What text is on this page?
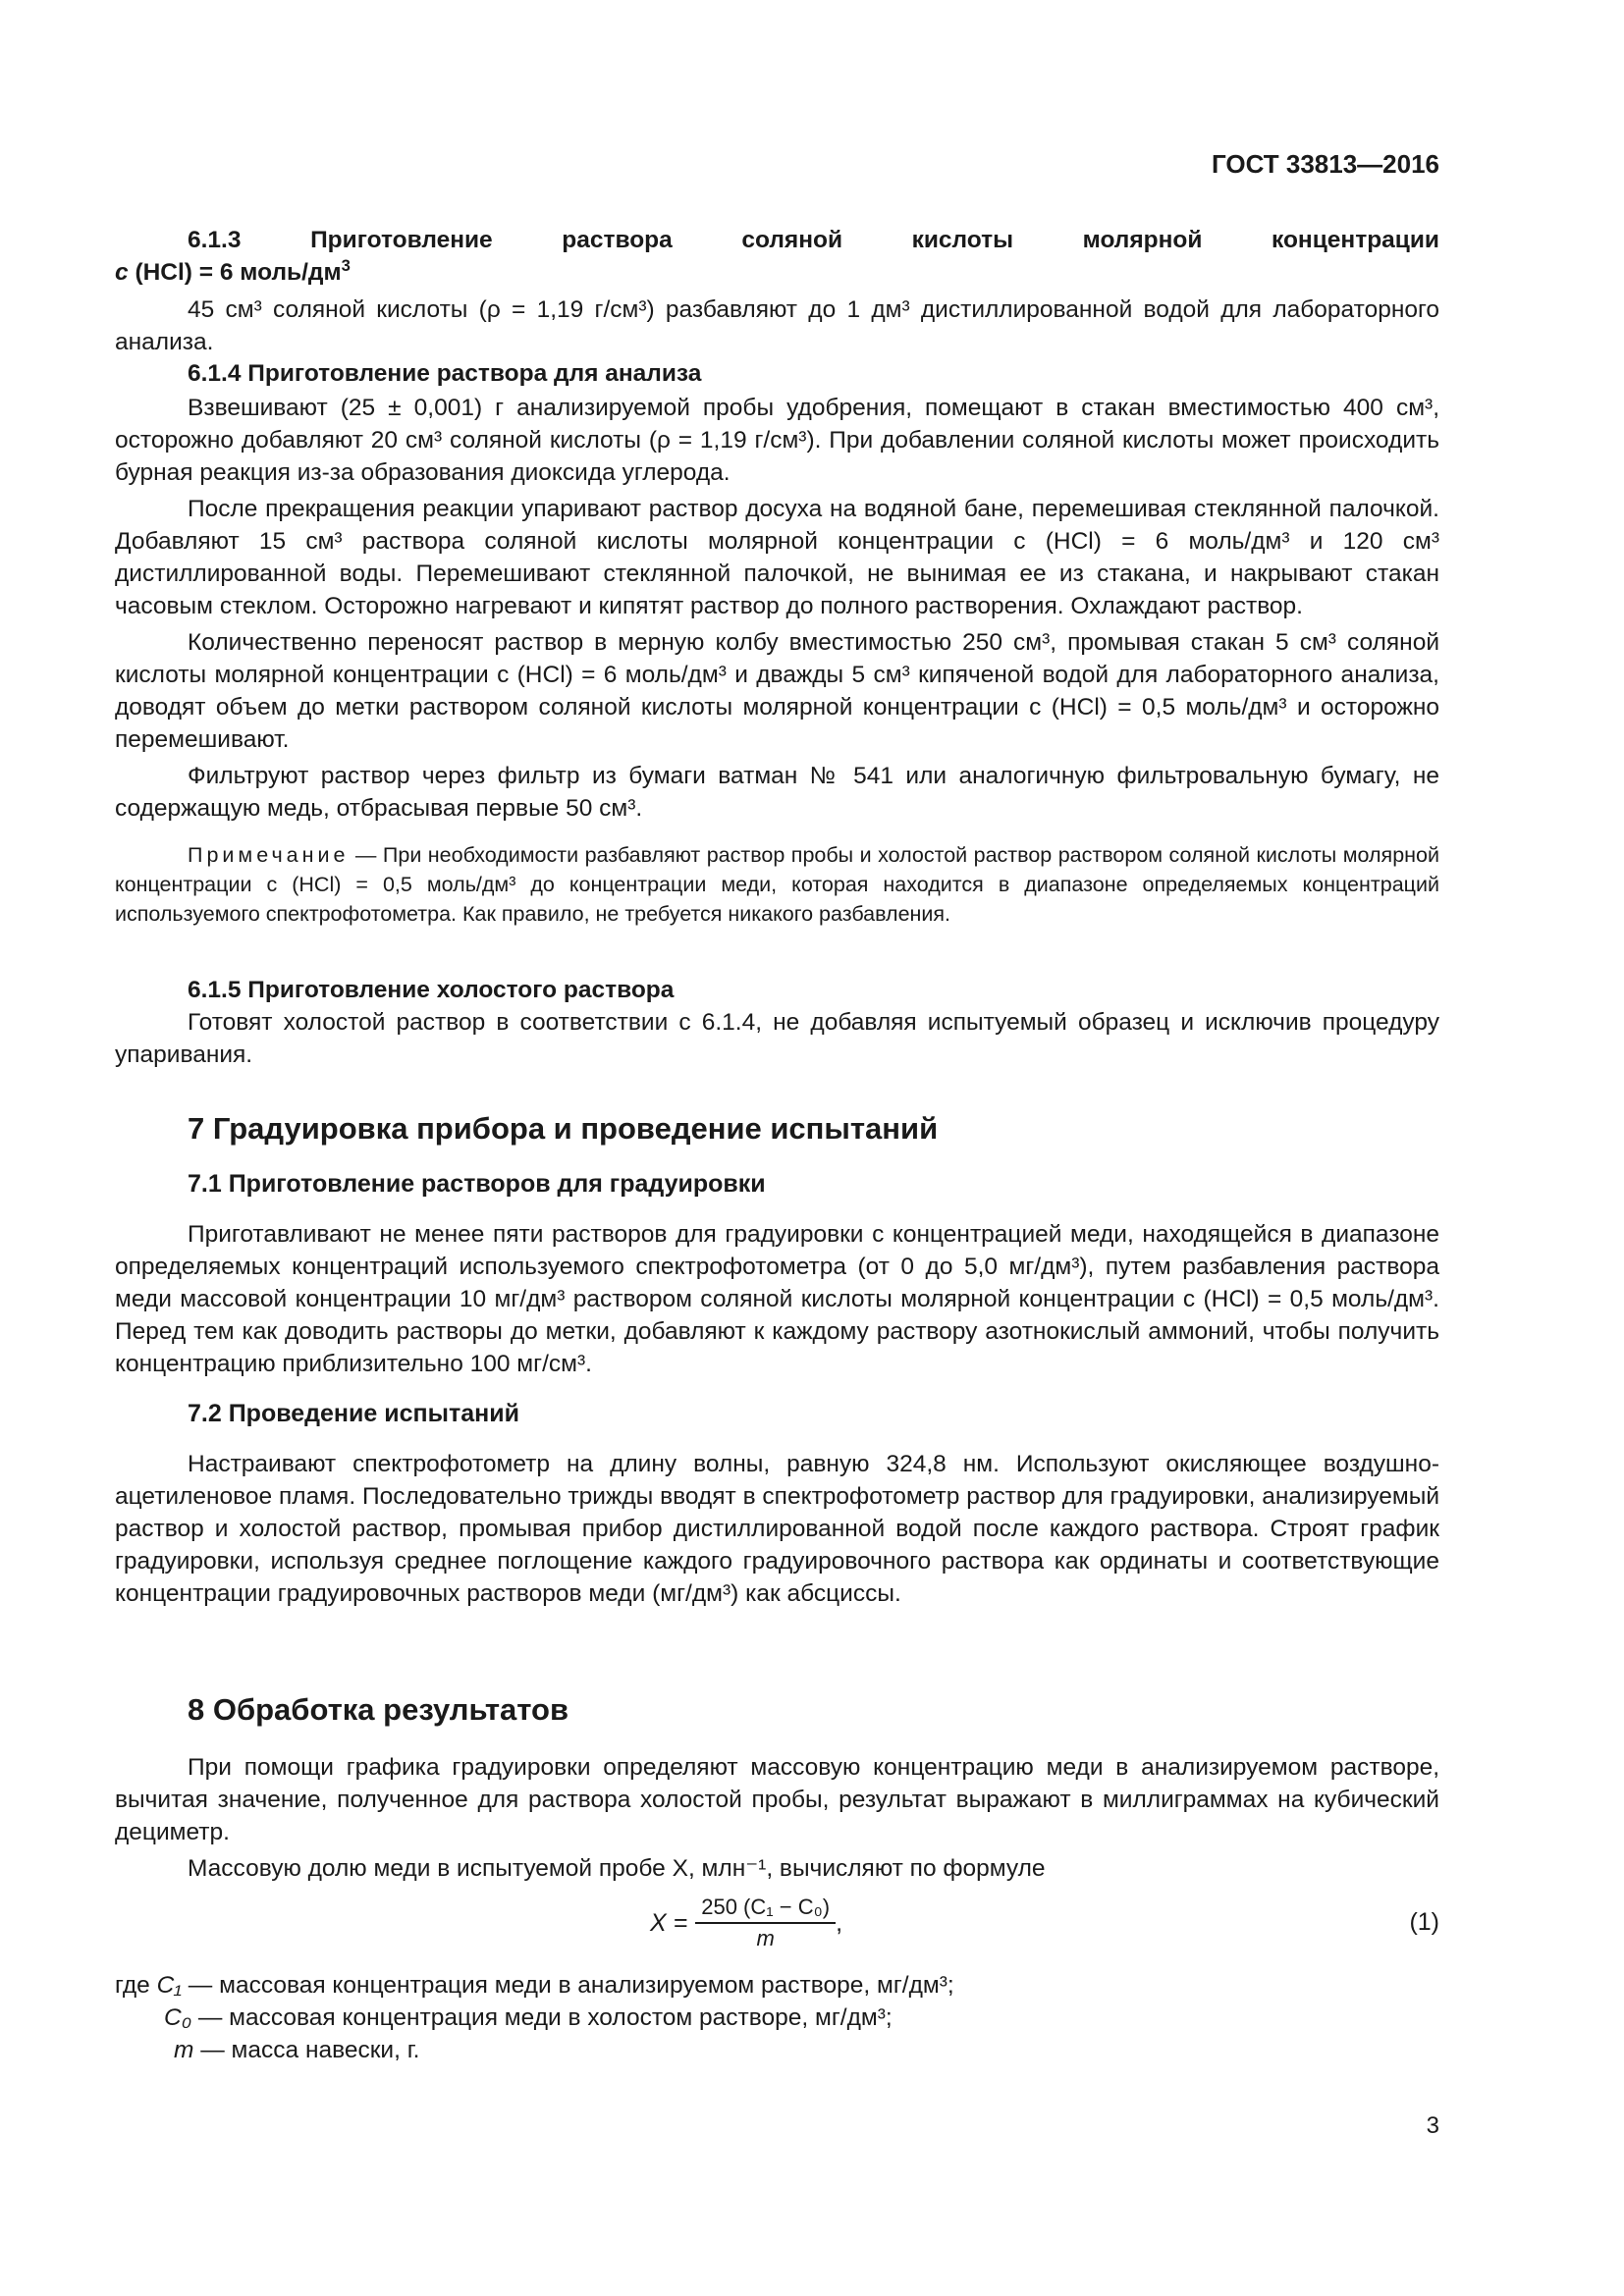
ГОСТ 33813—2016

6.1.3 Приготовление раствора соляной кислоты молярной концентрации

c (HCl) = 6 моль/$дм^3$

45 см³ соляной кислоты (ρ = 1,19 г/см³) разбавляют до 1 дм³ дистиллированной водой для лабораторного анализа.

6.1.4 Приготовление раствора для анализа

Взвешивают (25 ± 0,001) г анализируемой пробы удобрения, помещают в стакан вместимостью 400 см³, осторожно добавляют 20 см³ соляной кислоты (ρ = 1,19 г/см³). При добавлении соляной кислоты может происходить бурная реакция из-за образования диоксида углерода.

После прекращения реакции упаривают раствор досуха на водяной бане, перемешивая стеклянной палочкой. Добавляют 15 см³ раствора соляной кислоты молярной концентрации c (HCl) = 6 моль/дм³ и 120 см³ дистиллированной воды. Перемешивают стеклянной палочкой, не вынимая ее из стакана, и накрывают стакан часовым стеклом. Осторожно нагревают и кипятят раствор до полного растворения. Охлаждают раствор.

Количественно переносят раствор в мерную колбу вместимостью 250 см³, промывая стакан 5 см³ соляной кислоты молярной концентрации c (HCl) = 6 моль/дм³ и дважды 5 см³ кипяченой водой для лабораторного анализа, доводят объем до метки раствором соляной кислоты молярной концентрации c (HCl) = 0,5 моль/дм³ и осторожно перемешивают.

Фильтруют раствор через фильтр из бумаги ватман № 541 или аналогичную фильтровальную бумагу, не содержащую медь, отбрасывая первые 50 см³.

Примечание — При необходимости разбавляют раствор пробы и холостой раствор раствором соляной кислоты молярной концентрации c (HCl) = 0,5 моль/дм³ до концентрации меди, которая находится в диапазоне определяемых концентраций используемого спектрофотометра. Как правило, не требуется никакого разбавления.

6.1.5 Приготовление холостого раствора

Готовят холостой раствор в соответствии с 6.1.4, не добавляя испытуемый образец и исключив процедуру упаривания.

7 Градуировка прибора и проведение испытаний

7.1 Приготовление растворов для градуировки

Приготавливают не менее пяти растворов для градуировки с концентрацией меди, находящейся в диапазоне определяемых концентраций используемого спектрофотометра (от 0 до 5,0 мг/дм³), путем разбавления раствора меди массовой концентрации 10 мг/дм³ раствором соляной кислоты молярной концентрации c (HCl) = 0,5 моль/дм³. Перед тем как доводить растворы до метки, добавляют к каждому раствору азотнокислый аммоний, чтобы получить концентрацию приблизительно 100 мг/см³.

7.2 Проведение испытаний

Настраивают спектрофотометр на длину волны, равную 324,8 нм. Используют окисляющее воздушно-ацетиленовое пламя. Последовательно трижды вводят в спектрофотометр раствор для градуировки, анализируемый раствор и холостой раствор, промывая прибор дистиллированной водой после каждого раствора. Строят график градуировки, используя среднее поглощение каждого градуировочного раствора как ординаты и соответствующие концентрации градуировочных растворов меди (мг/дм³) как абсциссы.

8 Обработка результатов

При помощи графика градуировки определяют массовую концентрацию меди в анализируемом растворе, вычитая значение, полученное для раствора холостой пробы, результат выражают в миллиграммах на кубический дециметр.

Массовую долю меди в испытуемой пробе X, млн⁻¹, вычисляют по формуле

$X = \frac{\text{250 (C₁ − C₀)}}{m}$ ,	(1)

где C₁ — массовая концентрация меди в анализируемом растворе, мг/дм³;

C₀ — массовая концентрация меди в холостом растворе, мг/дм³;

m — масса навески, г.

3
